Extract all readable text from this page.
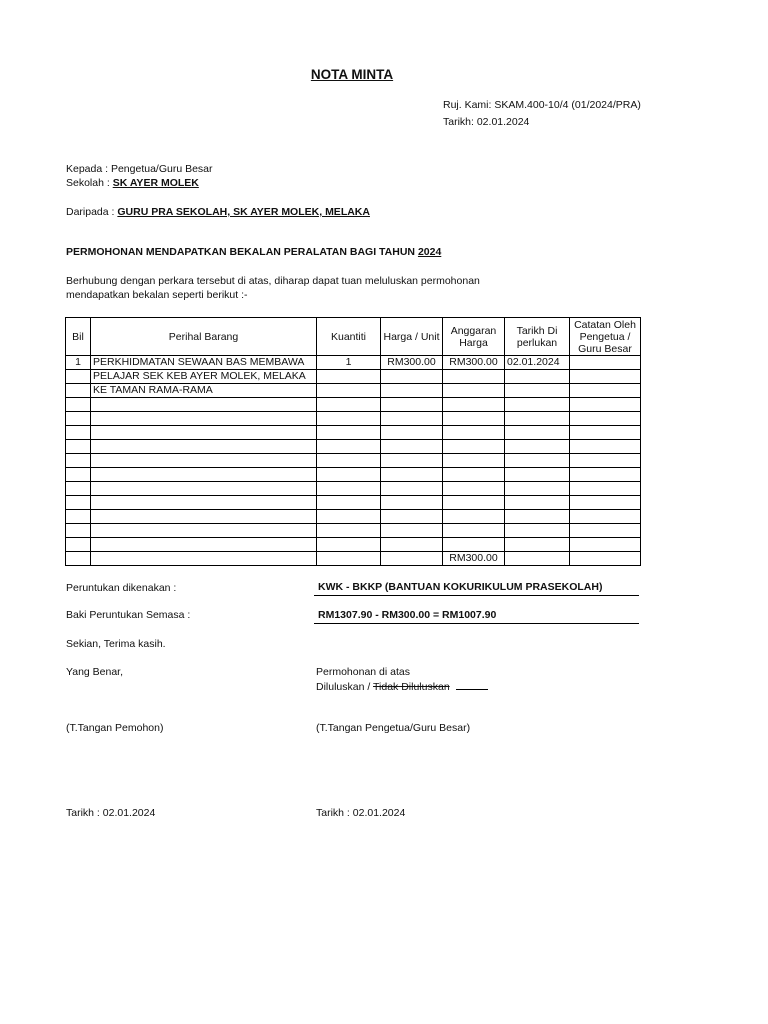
NOTA MINTA
Ruj. Kami: SKAM.400-10/4 (01/2024/PRA)
Tarikh: 02.01.2024
Kepada : Pengetua/Guru Besar
Sekolah : SK AYER MOLEK
Daripada : GURU PRA SEKOLAH, SK AYER MOLEK, MELAKA
PERMOHONAN MENDAPATKAN BEKALAN PERALATAN BAGI TAHUN 2024
Berhubung dengan perkara tersebut di atas, diharap dapat tuan meluluskan permohonan
mendapatkan bekalan seperti berikut :-
Bil	Perihal Barang	Kuantiti	Harga / Unit	Anggaran Harga	Tarikh Di perlukan	Catatan Oleh Pengetua / Guru Besar
1	PERKHIDMATAN SEWAAN BAS MEMBAWA	1	RM300.00	RM300.00	02.01.2024	
	PELAJAR SEK KEB AYER MOLEK, MELAKA					
	KE TAMAN RAMA-RAMA					

				RM300.00		
Peruntukan dikenakan :	KWK - BKKP (BANTUAN KOKURIKULUM PRASEKOLAH)
Baki Peruntukan Semasa :	RM1307.90 - RM300.00 = RM1007.90
Sekian, Terima kasih.
Yang Benar,	Permohonan di atas
Diluluskan / Tidak Diluluskan
(T.Tangan Pemohon)	(T.Tangan Pengetua/Guru Besar)
Tarikh : 02.01.2024	Tarikh : 02.01.2024
